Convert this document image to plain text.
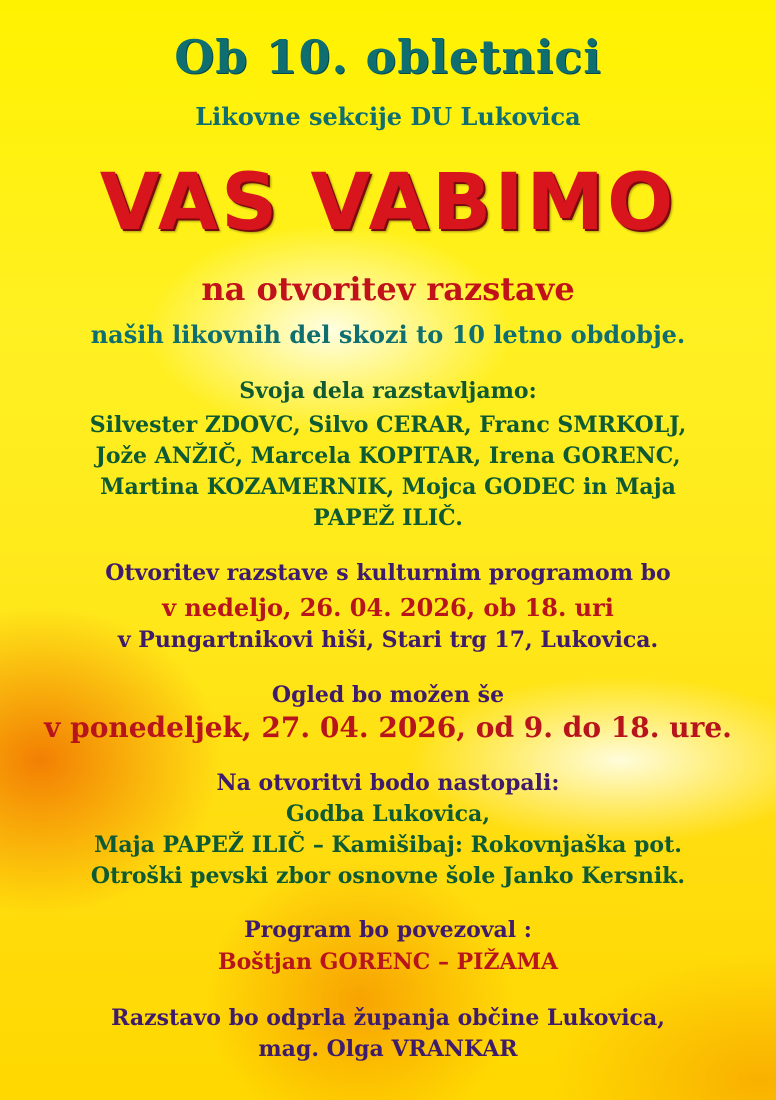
Ob 10. obletnici
Likovne sekcije DU Lukovica
VAS VABIMO
na otvoritev razstave
naših likovnih del skozi to 10 letno obdobje.
Svoja dela razstavljamo:
Silvester ZDOVC, Silvo CERAR, Franc SMRKOLJ,
Jože ANŽIČ, Marcela KOPITAR, Irena GORENC,
Martina KOZAMERNIK, Mojca GODEC in Maja
PAPEŽ ILIČ.
Otvoritev razstave s kulturnim programom bo
v nedeljo, 26. 04. 2026, ob 18. uri
v Pungartnikovi hiši, Stari trg 17, Lukovica.
Ogled bo možen še
v ponedeljek, 27. 04. 2026, od 9. do 18. ure.
Na otvoritvi bodo nastopali:
Godba Lukovica,
Maja PAPEŽ ILIČ – Kamišibaj: Rokovnjaška pot.
Otroški pevski zbor osnovne šole Janko Kersnik.
Program bo povezoval :
Boštjan GORENC – PIŽAMA
Razstavo bo odprla županja občine Lukovica,
mag. Olga VRANKAR
